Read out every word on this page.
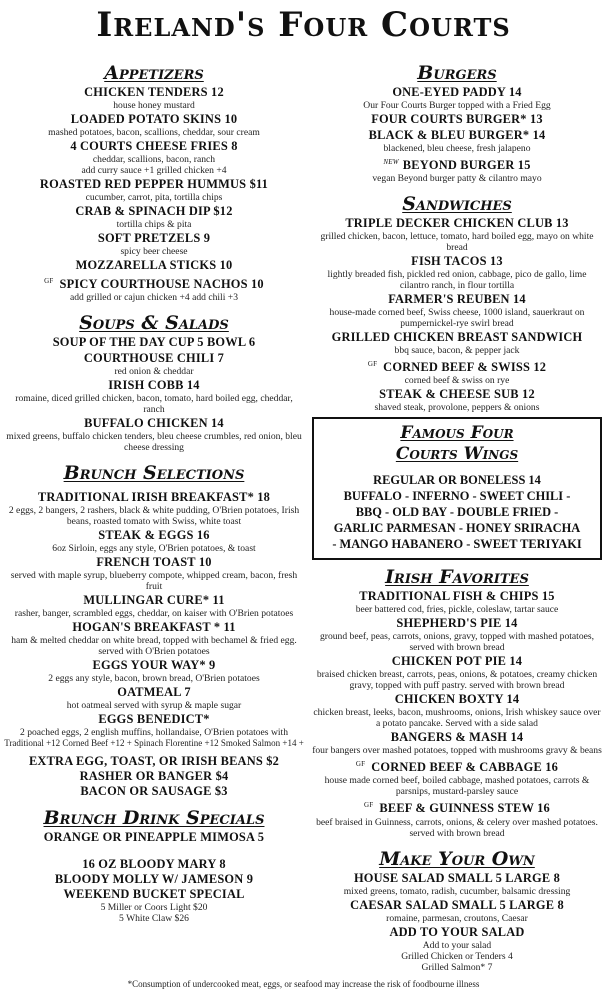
Ireland's Four Courts
Appetizers
CHICKEN TENDERS 12
house honey mustard
LOADED POTATO SKINS 10
mashed potatoes, bacon, scallions, cheddar, sour cream
4 COURTS CHEESE FRIES 8
cheddar, scallions, bacon, ranch
add curry sauce +1 grilled chicken +4
ROASTED RED PEPPER HUMMUS $11
cucumber, carrot, pita, tortilla chips
CRAB & SPINACH DIP $12
tortilla chips & pita
SOFT PRETZELS 9
spicy beer cheese
MOZZARELLA STICKS 10
$^{GF}$ SPICY COURTHOUSE NACHOS 10
add grilled or cajun chicken +4 add chili +3
Soups & Salads
SOUP OF THE DAY CUP 5 BOWL 6
COURTHOUSE CHILI 7
red onion & cheddar
IRISH COBB 14
romaine, diced grilled chicken, bacon, tomato, hard boiled egg, cheddar, ranch
BUFFALO CHICKEN 14
mixed greens, buffalo chicken tenders, bleu cheese crumbles, red onion, bleu cheese dressing
Brunch Selections
TRADITIONAL IRISH BREAKFAST* 18
2 eggs, 2 bangers, 2 rashers, black & white pudding, O'Brien potatoes, Irish beans, roasted tomato with Swiss, white toast
STEAK & EGGS 16
6oz Sirloin, eggs any style, O'Brien potatoes, & toast
FRENCH TOAST 10
served with maple syrup, blueberry compote, whipped cream, bacon, fresh fruit
MULLINGAR CURE* 11
rasher, banger, scrambled eggs, cheddar, on kaiser with O'Brien potatoes
HOGAN'S BREAKFAST * 11
ham & melted cheddar on white bread, topped with bechamel & fried egg. served with O'Brien potatoes
EGGS YOUR WAY* 9
2 eggs any style, bacon, brown bread, O'Brien potatoes
OATMEAL 7
hot oatmeal served with syrup & maple sugar
EGGS BENEDICT*
2 poached eggs, 2 english muffins, hollandaise, O'Brien potatoes with
Traditional +12 Corned Beef +12 + Spinach Florentine +12 Smoked Salmon +14 +
EXTRA EGG, TOAST, OR IRISH BEANS $2
RASHER OR BANGER $4
BACON OR SAUSAGE $3
Brunch Drink Specials
ORANGE OR PINEAPPLE MIMOSA 5
16 OZ BLOODY MARY 8
BLOODY MOLLY W/ JAMESON 9
WEEKEND BUCKET SPECIAL
5 Miller or Coors Light $20
5 White Claw $26
Burgers
ONE-EYED PADDY 14
Our Four Courts Burger topped with a Fried Egg
FOUR COURTS BURGER* 13
BLACK & BLEU BURGER* 14
blackened, bleu cheese, fresh jalapeno
$^{NEW}$ BEYOND BURGER 15
vegan Beyond burger patty & cilantro mayo
Sandwiches
TRIPLE DECKER CHICKEN CLUB 13
grilled chicken, bacon, lettuce, tomato, hard boiled egg, mayo on white bread
FISH TACOS 13
lightly breaded fish, pickled red onion, cabbage, pico de gallo, lime cilantro ranch, in flour tortilla
FARMER'S REUBEN 14
house-made corned beef, Swiss cheese, 1000 island, sauerkraut on pumpernickel-rye swirl bread
GRILLED CHICKEN BREAST SANDWICH
bbq sauce, bacon, & pepper jack
$^{GF}$ CORNED BEEF & SWISS 12
corned beef & swiss on rye
STEAK & CHEESE SUB 12
shaved steak, provolone, peppers & onions
Famous Four
Courts Wings
REGULAR OR BONELESS 14
BUFFALO - INFERNO - SWEET CHILI -
BBQ - OLD BAY - DOUBLE FRIED -
GARLIC PARMESAN - HONEY SRIRACHA
- MANGO HABANERO - SWEET TERIYAKI
Irish Favorites
TRADITIONAL FISH & CHIPS 15
beer battered cod, fries, pickle, coleslaw, tartar sauce
SHEPHERD'S PIE 14
ground beef, peas, carrots, onions, gravy, topped with mashed potatoes, served with brown bread
CHICKEN POT PIE 14
braised chicken breast, carrots, peas, onions, & potatoes, creamy chicken gravy, topped with puff pastry. served with brown bread
CHICKEN BOXTY 14
chicken breast, leeks, bacon, mushrooms, onions, Irish whiskey sauce over a potato pancake. Served with a side salad
BANGERS & MASH 14
four bangers over mashed potatoes, topped with mushrooms gravy & beans
$^{GF}$ CORNED BEEF & CABBAGE 16
house made corned beef, boiled cabbage, mashed potatoes, carrots & parsnips, mustard-parsley sauce
$^{GF}$ BEEF & GUINNESS STEW 16
beef braised in Guinness, carrots, onions, & celery over mashed potatoes. served with brown bread
Make Your Own
HOUSE SALAD SMALL 5 LARGE 8
mixed greens, tomato, radish, cucumber, balsamic dressing
CAESAR SALAD SMALL 5 LARGE 8
romaine, parmesan, croutons, Caesar
ADD TO YOUR SALAD
Add to your salad
Grilled Chicken or Tenders 4
Grilled Salmon* 7
*Consumption of undercooked meat, eggs, or seafood may increase the risk of foodbourne illness
